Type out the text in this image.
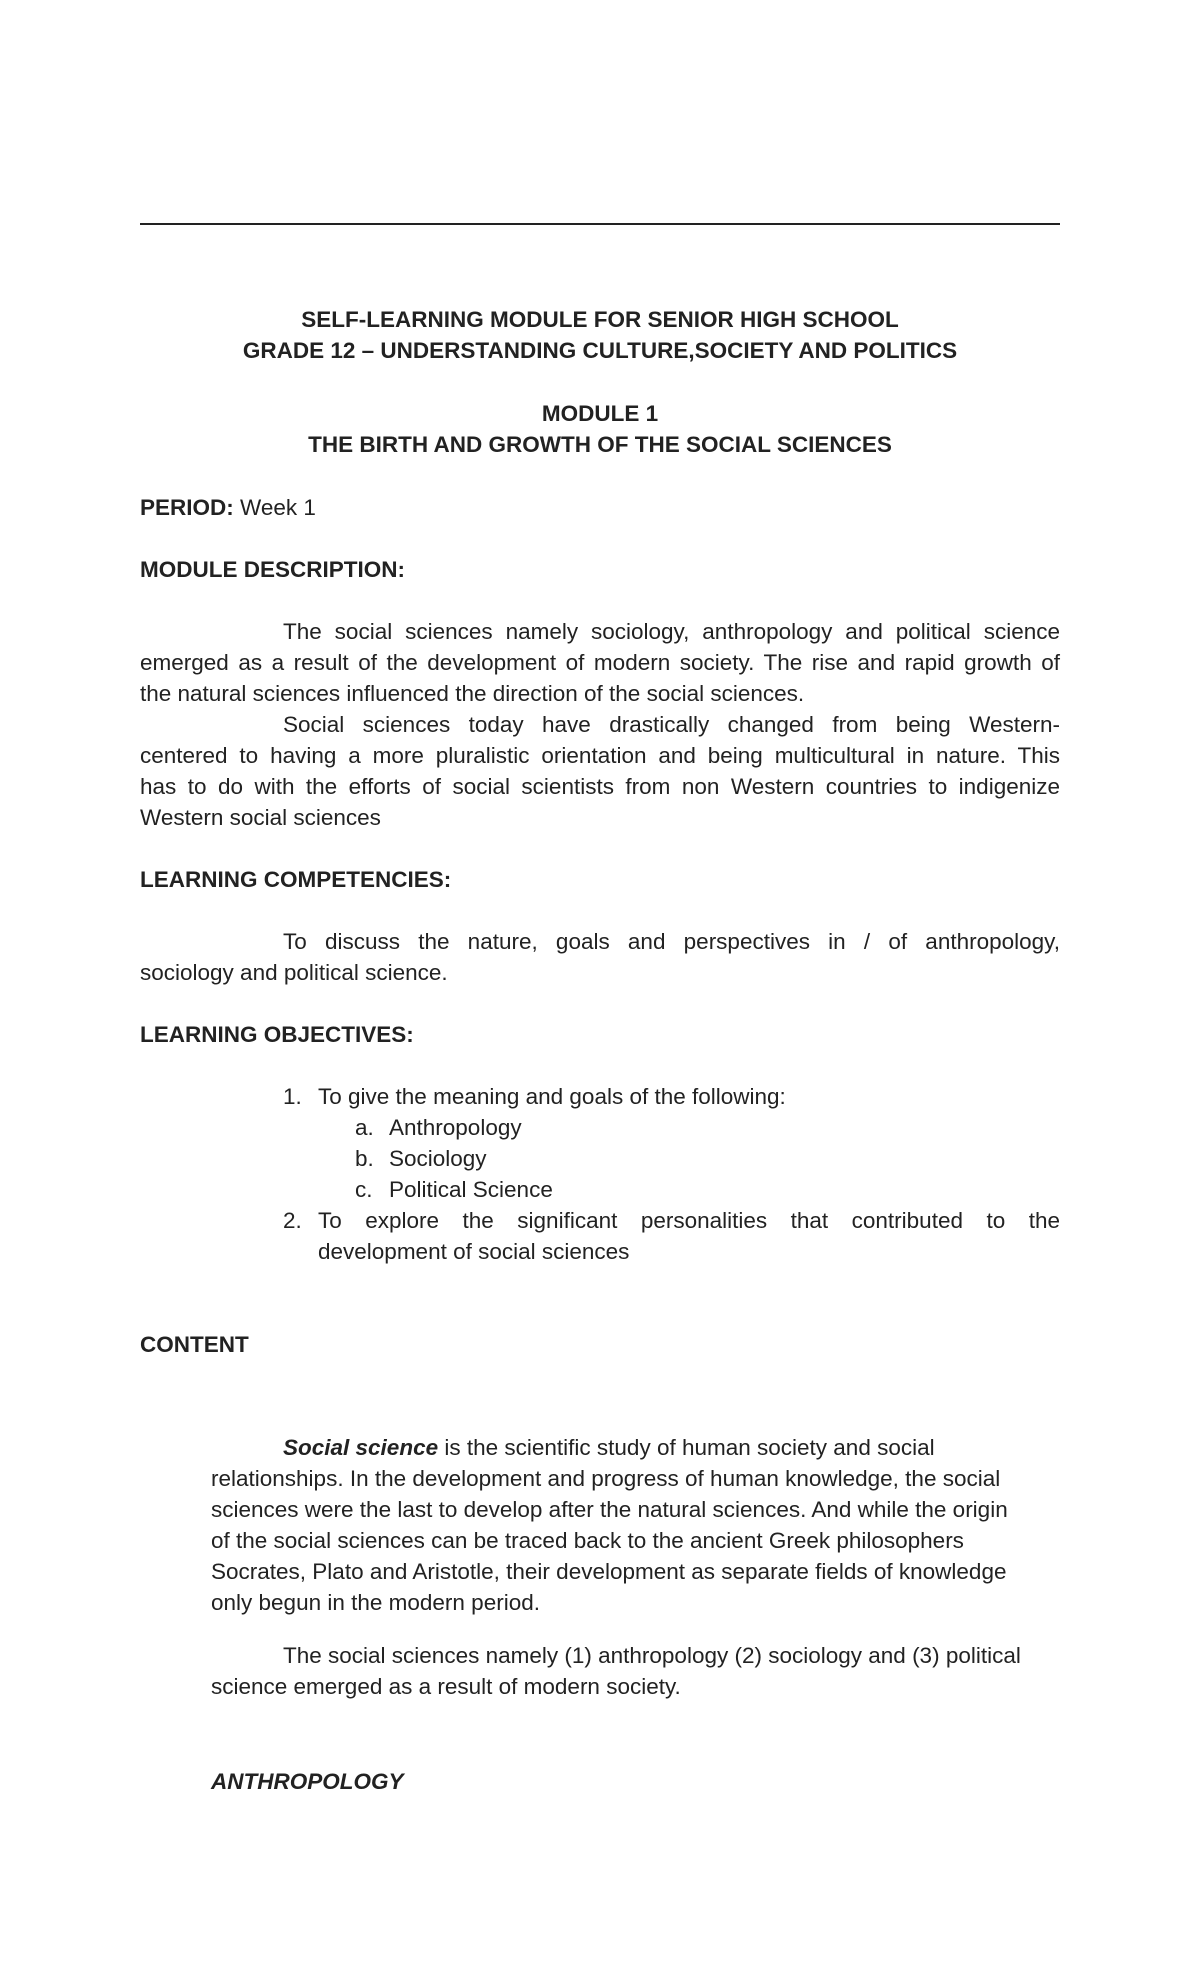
SELF-LEARNING MODULE FOR SENIOR HIGH SCHOOL
GRADE 12 – UNDERSTANDING CULTURE,SOCIETY AND POLITICS
MODULE 1
THE BIRTH AND GROWTH OF THE SOCIAL SCIENCES
PERIOD: Week 1
MODULE DESCRIPTION:
The social sciences namely sociology, anthropology and political science
emerged as a result of the development of modern society. The rise and rapid growth of
the natural sciences influenced the direction of the social sciences.
Social sciences today have drastically changed from being Western-
centered to having a more pluralistic orientation and being multicultural in nature. This
has to do with the efforts of social scientists from non Western countries to indigenize
Western social sciences
LEARNING COMPETENCIES:
To discuss the nature, goals and perspectives in / of anthropology,
sociology and political science.
LEARNING OBJECTIVES:
1. To give the meaning and goals of the following:
a. Anthropology
b. Sociology
c. Political Science
2. To explore the significant personalities that contributed to the
development of social sciences
CONTENT
Social science is the scientific study of human society and social
relationships. In the development and progress of human knowledge, the social
sciences were the last to develop after the natural sciences. And while the origin
of the social sciences can be traced back to the ancient Greek philosophers
Socrates, Plato and Aristotle, their development as separate fields of knowledge
only begun in the modern period.
The social sciences namely (1) anthropology (2) sociology and (3) political
science emerged as a result of modern society.
ANTHROPOLOGY
